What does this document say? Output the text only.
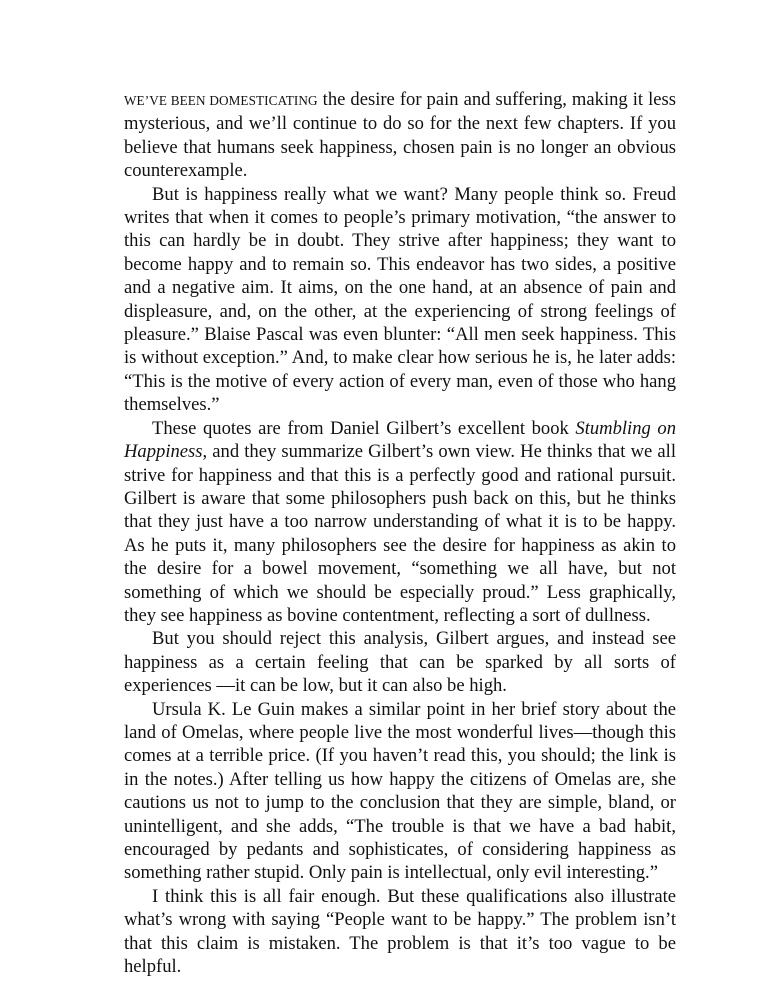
WE’VE BEEN DOMESTICATING the desire for pain and suffering, making it less mysterious, and we’ll continue to do so for the next few chapters. If you believe that humans seek happiness, chosen pain is no longer an obvious counterexample.

But is happiness really what we want? Many people think so. Freud writes that when it comes to people’s primary motivation, “the answer to this can hardly be in doubt. They strive after happiness; they want to become happy and to remain so. This endeavor has two sides, a positive and a negative aim. It aims, on the one hand, at an absence of pain and displeasure, and, on the other, at the experiencing of strong feelings of pleasure.” Blaise Pascal was even blunter: “All men seek happiness. This is without exception.” And, to make clear how serious he is, he later adds: “This is the motive of every action of every man, even of those who hang themselves.”

These quotes are from Daniel Gilbert’s excellent book Stumbling on Happiness, and they summarize Gilbert’s own view. He thinks that we all strive for happiness and that this is a perfectly good and rational pursuit. Gilbert is aware that some philosophers push back on this, but he thinks that they just have a too narrow understanding of what it is to be happy. As he puts it, many philosophers see the desire for happiness as akin to the desire for a bowel movement, “something we all have, but not something of which we should be especially proud.” Less graphically, they see happiness as bovine contentment, reflecting a sort of dullness.

But you should reject this analysis, Gilbert argues, and instead see happiness as a certain feeling that can be sparked by all sorts of experiences —it can be low, but it can also be high.

Ursula K. Le Guin makes a similar point in her brief story about the land of Omelas, where people live the most wonderful lives—though this comes at a terrible price. (If you haven’t read this, you should; the link is in the notes.) After telling us how happy the citizens of Omelas are, she cautions us not to jump to the conclusion that they are simple, bland, or unintelligent, and she adds, “The trouble is that we have a bad habit, encouraged by pedants and sophisticates, of considering happiness as something rather stupid. Only pain is intellectual, only evil interesting.”

I think this is all fair enough. But these qualifications also illustrate what’s wrong with saying “People want to be happy.” The problem isn’t that this claim is mistaken. The problem is that it’s too vague to be helpful.
